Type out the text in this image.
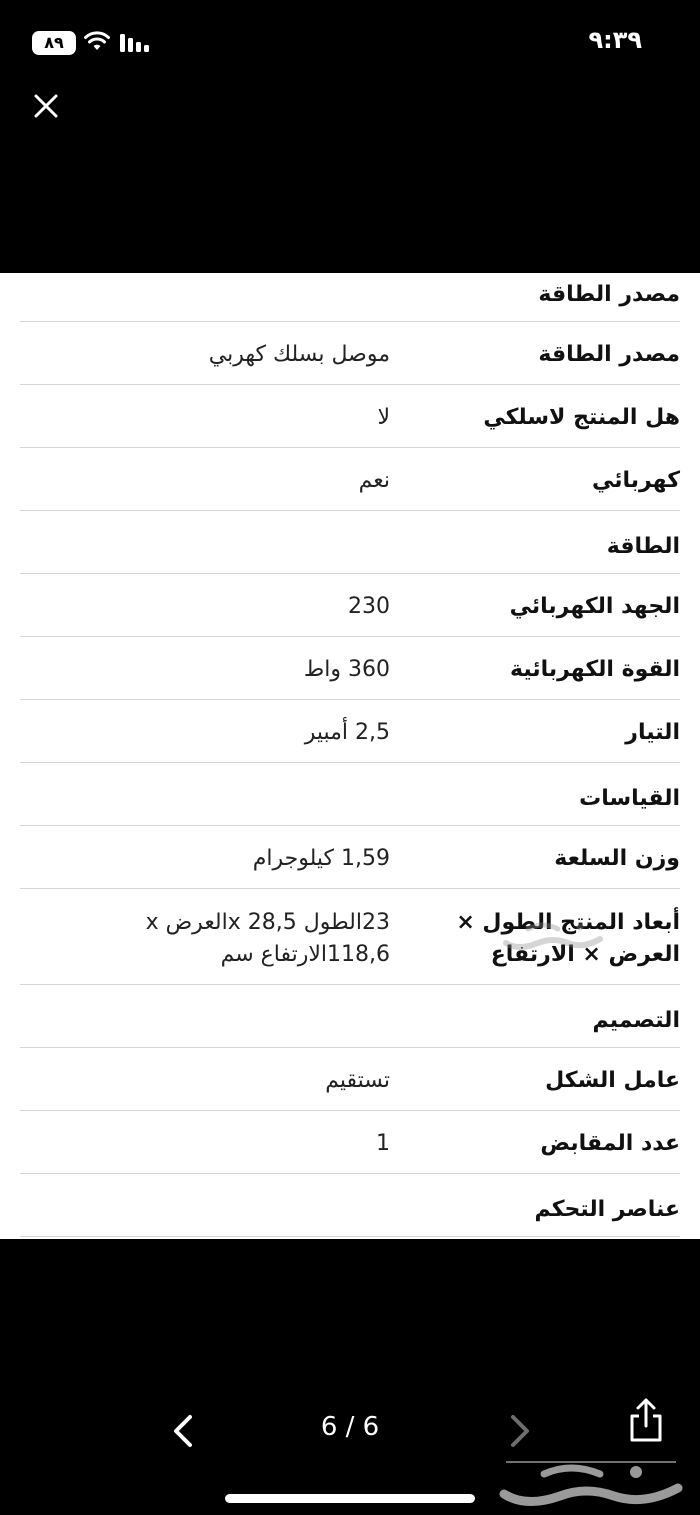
٨٩	٩:٣٩
مصدر الطاقة
مصدر الطاقة
موصل بسلك كهربي
هل المنتج لاسلكي
لا
كهربائي
نعم
الطاقة
الجهد الكهربائي
230
القوة الكهربائية
360 واط
التيار
2,5 أمبير
القياسات
وزن السلعة
1,59 كيلوجرام
أبعاد المنتج الطول × العرض × الارتفاع
23الطول 28,5 xالعرض x 118,6الارتفاع سم
التصميم
عامل الشكل
تستقيم
عدد المقابض
1
عناصر التحكم
6 / 6
